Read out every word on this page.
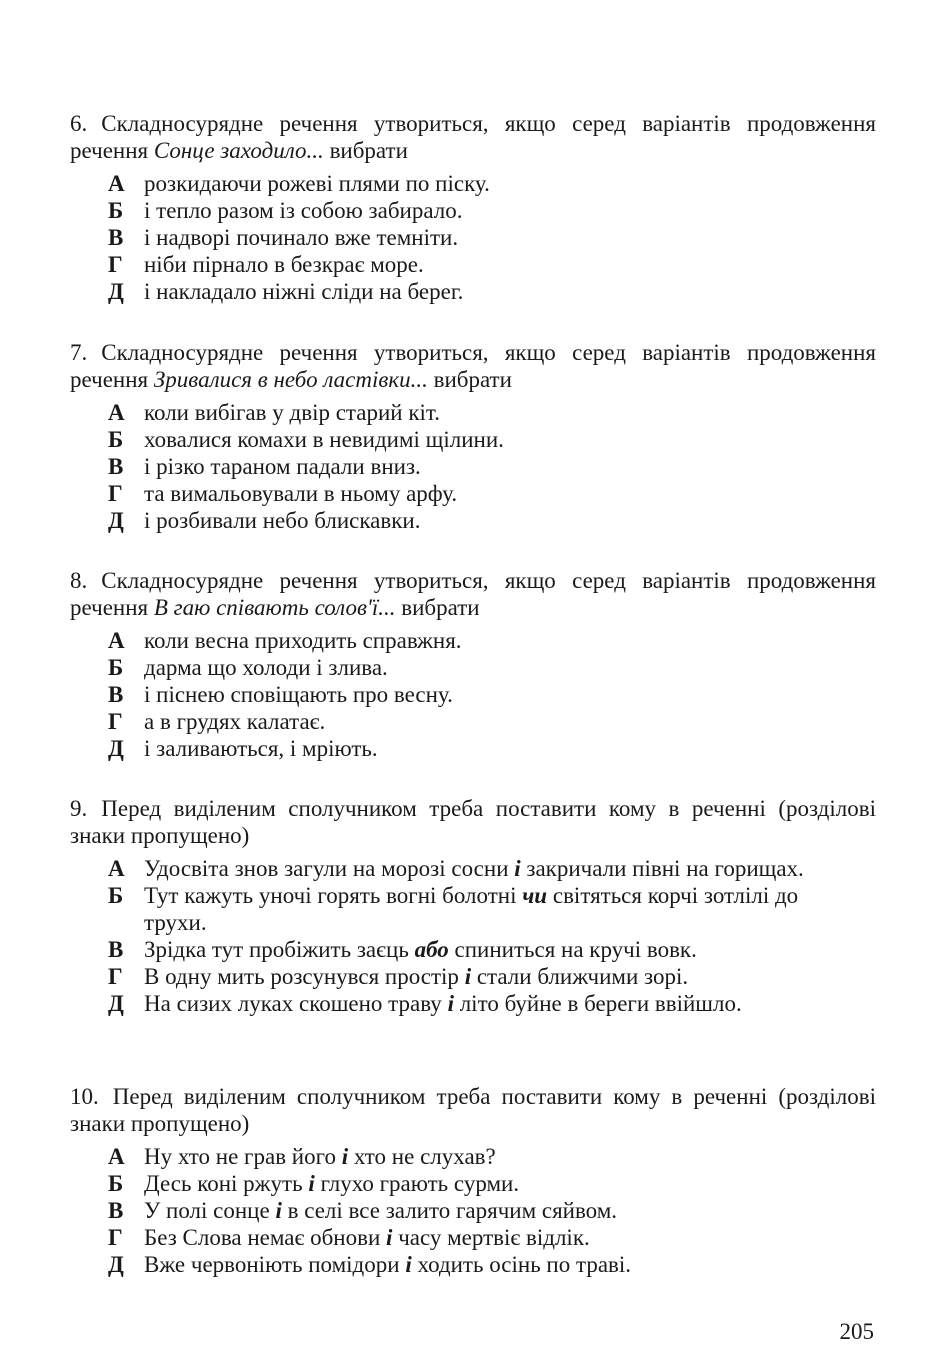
6. Складносурядне речення утвориться, якщо серед варіантів продовження речення Сонце заходило... вибрати

А розкидаючи рожеві плями по піску.
Б і тепло разом із собою забирало.
В і надворі починало вже темніти.
Г ніби пірнало в безкрає море.
Д і накладало ніжні сліди на берег.

7. Складносурядне речення утвориться, якщо серед варіантів продовження речення Зривалися в небо ластівки... вибрати

А коли вибігав у двір старий кіт.
Б ховалися комахи в невидимі щілини.
В і різко тараном падали вниз.
Г та вимальовували в ньому арфу.
Д і розбивали небо блискавки.

8. Складносурядне речення утвориться, якщо серед варіантів продовження речення В гаю співають солов'ї... вибрати

А коли весна приходить справжня.
Б дарма що холоди і злива.
В і піснею сповіщають про весну.
Г а в грудях калатає.
Д і заливаються, і мріють.

9. Перед виділеним сполучником треба поставити кому в реченні (розділові знаки пропущено)

А Удосвіта знов загули на морозі сосни і закричали півні на горищах.
Б Тут кажуть уночі горять вогні болотні чи світяться корчі зотлілі до трухи.
В Зрідка тут пробіжить заєць або спиниться на кручі вовк.
Г В одну мить розсунувся простір і стали ближчими зорі.
Д На сизих луках скошено траву і літо буйне в береги ввійшло.

10. Перед виділеним сполучником треба поставити кому в реченні (розділові знаки пропущено)

А Ну хто не грав його і хто не слухав?
Б Десь коні ржуть і глухо грають сурми.
В У полі сонце і в селі все залито гарячим сяйвом.
Г Без Слова немає обнови і часу мертвіє відлік.
Д Вже червоніють помідори і ходить осінь по траві.
205
